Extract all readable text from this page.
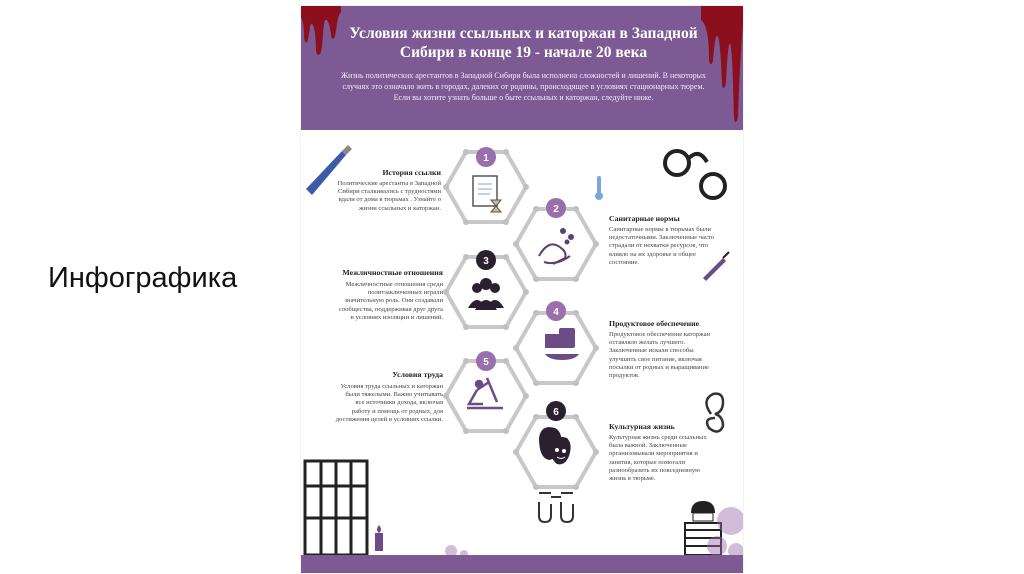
Инфографика
Условия жизни ссыльных и каторжан в Западной Сибири в конце 19 - начале 20 века
Жизнь политических арестантов в Западной Сибири была исполнена сложностей и лишений. В некоторых случаях это означало жить в городах, далеких от родины, происходящее в условиях стационарных тюрем. Если вы хотите узнать больше о быте ссыльных и каторжан, следуйте ниже.
1
2
3
4
5
6
История ссылки
Политические арестанты в Западной Сибири сталкивались с трудностями вдали от дома в тюрьмах . Узнайте о жизни ссыльных и каторжан.
Санитарные нормы
Санитарные нормы в тюрьмах были недостаточными. Заключенные часто страдали от нехватки ресурсов, что влияло на их здоровье и общее состояние.
Межличностные отношения
Межличностные отношения среди политзаключенных играли значительную роль. Они создавали сообщества, поддерживая друг друга в условиях изоляции и лишений.
Продуктовое обеспечение
Продуктовое обеспечение каторжан оставляло желать лучшего. Заключенные искали способы улучшить свое питание, включая посылки от родных и выращивание продуктов.
Условия труда
Условия труда ссыльных и каторжан были тяжелыми. Важно учитывать все источники дохода, включая работу и помощь от родных, для достижения целей в условиях ссылки.
Культурная жизнь
Культурная жизнь среди ссыльных была важной. Заключенные организовывали мероприятия и занятия, которые помогали разнообразить их повседневную жизнь в тюрьме.
